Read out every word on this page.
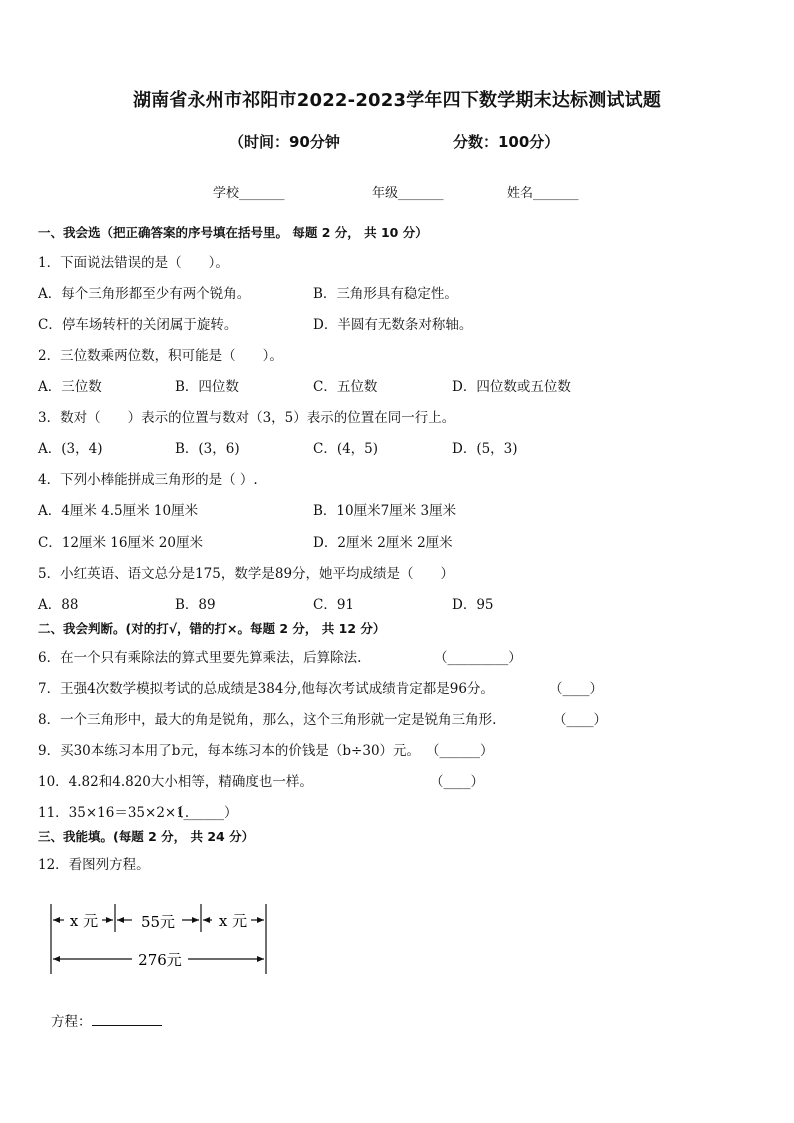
湖南省永州市祁阳市2022-2023学年四下数学期末达标测试试题
（时间：90分钟	分数：100分）
学校_______	年级_______	姓名_______
一、我会选（把正确答案的序号填在括号里。 每题 2 分， 共 10 分）
1．下面说法错误的是（　　）。
A．每个三角形都至少有两个锐角。	B．三角形具有稳定性。
C．停车场转杆的关闭属于旋转。	D．半圆有无数条对称轴。
2．三位数乘两位数，积可能是（　　）。
A．三位数	B．四位数	C．五位数	D．四位数或五位数
3．数对（　　）表示的位置与数对（3，5）表示的位置在同一行上。
A．(3，4)	B．(3，6)	C．(4，5)	D．(5，3)
4．下列小棒能拼成三角形的是（ ）.
A．4厘米 4.5厘米 10厘米	B．10厘米7厘米 3厘米
C．12厘米 16厘米 20厘米	D．2厘米 2厘米 2厘米
5．小红英语、语文总分是175，数学是89分，她平均成绩是（　　）
A．88	B．89	C．91	D．95
二、我会判断。(对的打√，错的打×。每题 2 分， 共 12 分）
6．在一个只有乘除法的算式里要先算乘法，后算除法.	（_________）
7．王强4次数学模拟考试的总成绩是384分,他每次考试成绩肯定都是96分。	（____）
8．一个三角形中，最大的角是锐角，那么，这个三角形就一定是锐角三角形.	（____）
9．买30本练习本用了b元，每本练习本的价钱是（b÷30）元。 （______）
10．4.82和4.820大小相等，精确度也一样。	（____）
11．35×16＝35×2×1.
（______）
三、我能填。(每题 2 分， 共 24 分）
12．看图列方程。
x 元	55元	x 元
276元
方程：
